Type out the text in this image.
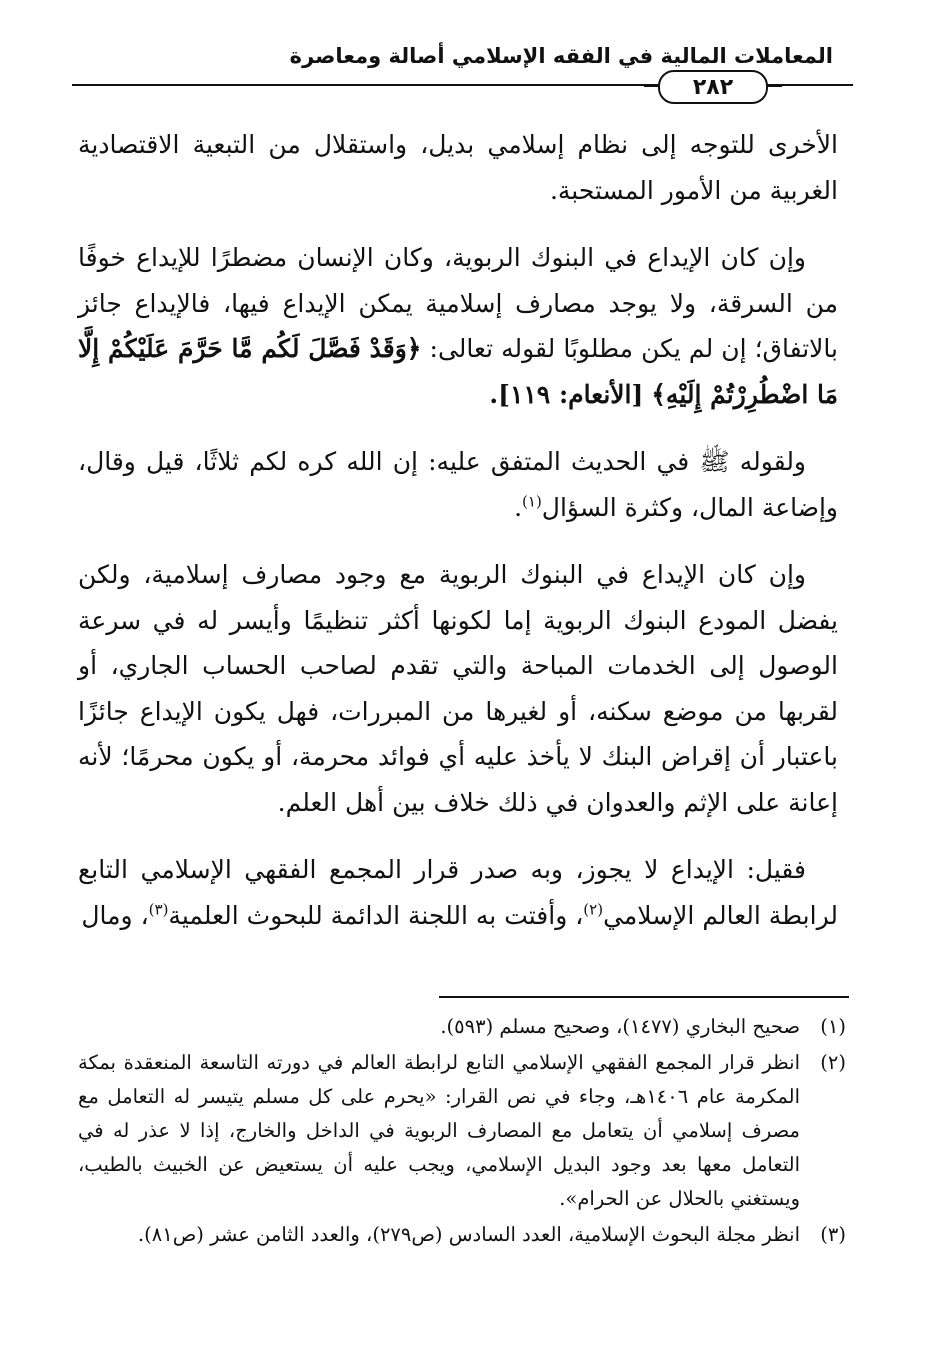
المعاملات المالية في الفقه الإسلامي أصالة ومعاصرة
٢٨٢

الأخرى للتوجه إلى نظام إسلامي بديل، واستقلال من التبعية الاقتصادية الغربية من الأمور المستحبة.

وإن كان الإيداع في البنوك الربوية، وكان الإنسان مضطرًا للإيداع خوفًا من السرقة، ولا يوجد مصارف إسلامية يمكن الإيداع فيها، فالإيداع جائز بالاتفاق؛ إن لم يكن مطلوبًا لقوله تعالى: ﴿وَقَدْ فَصَّلَ لَكُم مَّا حَرَّمَ عَلَيْكُمْ إِلَّا مَا اضْطُرِرْتُمْ إِلَيْهِ﴾ [الأنعام: ١١٩].

ولقوله ﷺ في الحديث المتفق عليه: إن الله كره لكم ثلاثًا، قيل وقال، وإضاعة المال، وكثرة السؤال$^{(١)}$.

وإن كان الإيداع في البنوك الربوية مع وجود مصارف إسلامية، ولكن يفضل المودع البنوك الربوية إما لكونها أكثر تنظيمًا وأيسر له في سرعة الوصول إلى الخدمات المباحة والتي تقدم لصاحب الحساب الجاري، أو لقربها من موضع سكنه، أو لغيرها من المبررات، فهل يكون الإيداع جائزًا باعتبار أن إقراض البنك لا يأخذ عليه أي فوائد محرمة، أو يكون محرمًا؛ لأنه إعانة على الإثم والعدوان في ذلك خلاف بين أهل العلم.

فقيل: الإيداع لا يجوز، وبه صدر قرار المجمع الفقهي الإسلامي التابع لرابطة العالم الإسلامي$^{(٢)}$، وأفتت به اللجنة الدائمة للبحوث العلمية$^{(٣)}$، ومال

(١)
صحيح البخاري (١٤٧٧)، وصحيح مسلم (٥٩٣).
(٢)
انظر قرار المجمع الفقهي الإسلامي التابع لرابطة العالم في دورته التاسعة المنعقدة بمكة المكرمة عام ١٤٠٦هـ، وجاء في نص القرار: «يحرم على كل مسلم يتيسر له التعامل مع مصرف إسلامي أن يتعامل مع المصارف الربوية في الداخل والخارج، إذا لا عذر له في التعامل معها بعد وجود البديل الإسلامي، ويجب عليه أن يستعيض عن الخبيث بالطيب، ويستغني بالحلال عن الحرام».
(٣)
انظر مجلة البحوث الإسلامية، العدد السادس (ص٢٧٩)، والعدد الثامن عشر (ص٨١).
